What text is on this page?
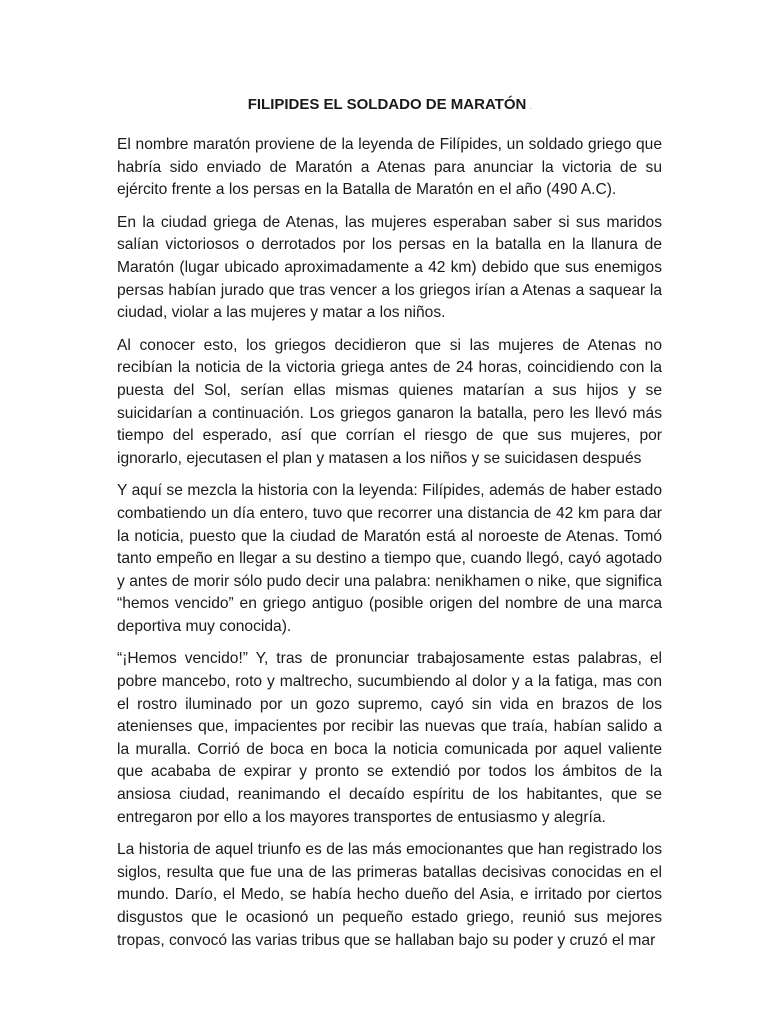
FILIPIDES EL SOLDADO DE MARATÓN .

El nombre maratón proviene de la leyenda de Filípides, un soldado griego que habría sido enviado de Maratón a Atenas para anunciar la victoria de su ejército frente a los persas en la Batalla de Maratón en el año (490 A.C).

En la ciudad griega de Atenas, las mujeres esperaban saber si sus maridos salían victoriosos o derrotados por los persas en la batalla en la llanura de Maratón (lugar ubicado aproximadamente a 42 km) debido que sus enemigos persas habían jurado que tras vencer a los griegos irían a Atenas a saquear la ciudad, violar a las mujeres y matar a los niños.

Al conocer esto, los griegos decidieron que si las mujeres de Atenas no recibían la noticia de la victoria griega antes de 24 horas, coincidiendo con la puesta del Sol, serían ellas mismas quienes matarían a sus hijos y se suicidarían a continuación. Los griegos ganaron la batalla, pero les llevó más tiempo del esperado, así que corrían el riesgo de que sus mujeres, por ignorarlo, ejecutasen el plan y matasen a los niños y se suicidasen después

Y aquí se mezcla la historia con la leyenda: Filípides, además de haber estado combatiendo un día entero, tuvo que recorrer una distancia de 42 km para dar la noticia, puesto que la ciudad de Maratón está al noroeste de Atenas. Tomó tanto empeño en llegar a su destino a tiempo que, cuando llegó, cayó agotado y antes de morir sólo pudo decir una palabra: nenikhamen o nike, que significa “hemos vencido” en griego antiguo (posible origen del nombre de una marca deportiva muy conocida).

“¡Hemos vencido!” Y, tras de pronunciar trabajosamente estas palabras, el pobre mancebo, roto y maltrecho, sucumbiendo al dolor y a la fatiga, mas con el rostro iluminado por un gozo supremo, cayó sin vida en brazos de los atenienses que, impacientes por recibir las nuevas que traía, habían salido a la muralla. Corrió de boca en boca la noticia comunicada por aquel valiente que acababa de expirar y pronto se extendió por todos los ámbitos de la ansiosa ciudad, reanimando el decaído espíritu de los habitantes, que se entregaron por ello a los mayores transportes de entusiasmo y alegría.

La historia de aquel triunfo es de las más emocionantes que han registrado los siglos, resulta que fue una de las primeras batallas decisivas conocidas en el mundo. Darío, el Medo, se había hecho dueño del Asia, e irritado por ciertos disgustos que le ocasionó un pequeño estado griego, reunió sus mejores tropas, convocó las varias tribus que se hallaban bajo su poder y cruzó el mar
